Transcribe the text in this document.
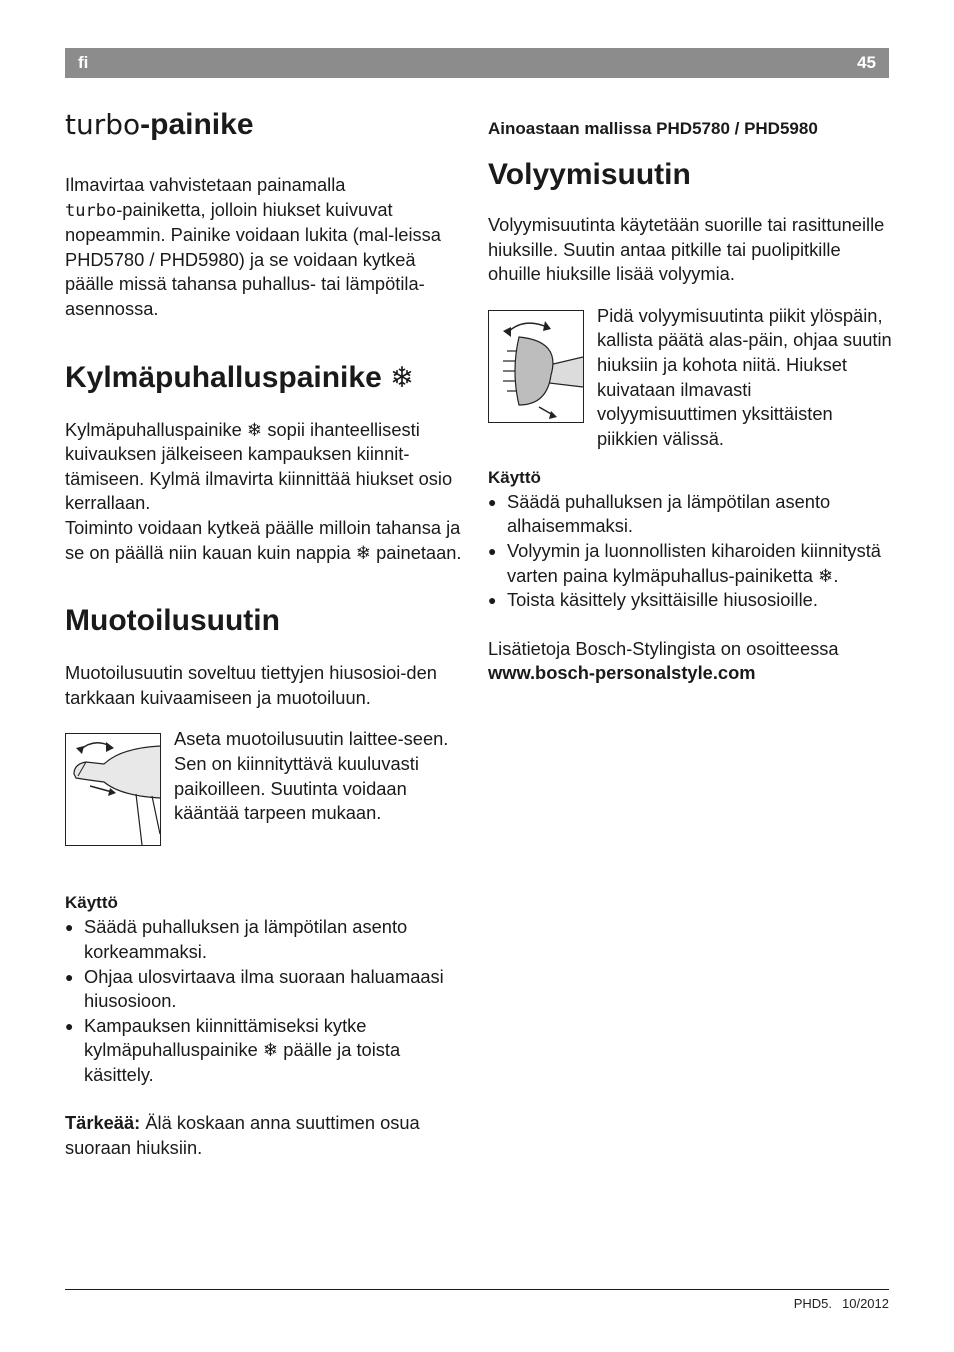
fi	45
turbo-painike

Ilmavirtaa vahvistetaan painamalla
turbo-painiketta, jolloin hiukset kuivuvat nopeammin. Painike voidaan lukita (mal-leissa PHD5780 / PHD5980) ja se voidaan kytkeä päälle missä tahansa puhallus- tai lämpötila-asennossa.

Kylmäpuhalluspainike ❄

Kylmäpuhalluspainike ❄ sopii ihanteellisesti kuivauksen jälkeiseen kampauksen kiinnit-tämiseen. Kylmä ilmavirta kiinnittää hiukset osio kerrallaan.

Toiminto voidaan kytkeä päälle milloin tahansa ja se on päällä niin kauan kuin nappia ❄ painetaan.

Muotoilusuutin

Muotoilusuutin soveltuu tiettyjen hiusosioi-den tarkkaan kuivaamiseen ja muotoiluun.

Aseta muotoilusuutin laittee-seen. Sen on kiinnityttävä kuuluvasti paikoilleen. Suutinta voidaan kääntää tarpeen mukaan.

Käyttö
● Säädä puhalluksen ja lämpötilan asento korkeammaksi.
● Ohjaa ulosvirtaava ilma suoraan haluamaasi hiusosioon.
● Kampauksen kiinnittämiseksi kytke kylmäpuhalluspainike ❄ päälle ja toista käsittely.

Tärkeää: Älä koskaan anna suuttimen osua suoraan hiuksiin.

Ainoastaan mallissa PHD5780 / PHD5980
Volyymisuutin

Volyymisuutinta käytetään suorille tai rasittuneille hiuksille. Suutin antaa pitkille tai puolipitkille ohuille hiuksille lisää volyymia.

Pidä volyymisuutinta piikit ylöspäin, kallista päätä alas-päin, ohjaa suutin hiuksiin ja kohota niitä. Hiukset kuivataan ilmavasti volyymisuuttimen yksittäisten piikkien välissä.

Käyttö
● Säädä puhalluksen ja lämpötilan asento alhaisemmaksi.
● Volyymin ja luonnollisten kiharoiden kiinnitystä varten paina kylmäpuhallus-painiketta ❄.
● Toista käsittely yksittäisille hiusosioille.

Lisätietoja Bosch-Stylingista on osoitteessa

www.bosch-personalstyle.com

PHD5. 10/2012
